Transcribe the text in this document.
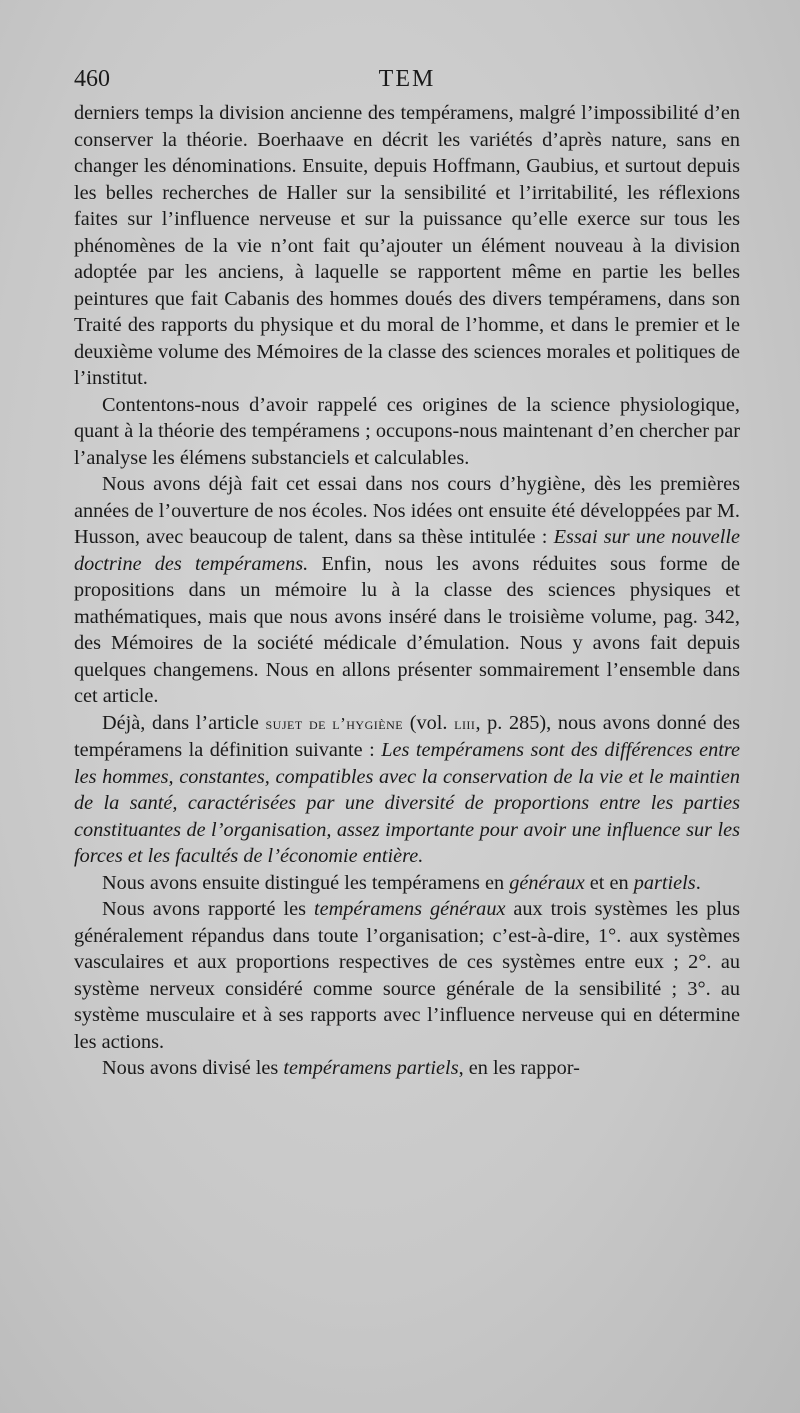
460	TEM

derniers temps la division ancienne des tempéramens, malgré l’impossibilité d’en conserver la théorie. Boerhaave en décrit les variétés d’après nature, sans en changer les dénominations. Ensuite, depuis Hoffmann, Gaubius, et surtout depuis les belles recherches de Haller sur la sensibilité et l’irritabilité, les réflexions faites sur l’influence nerveuse et sur la puissance qu’elle exerce sur tous les phénomènes de la vie n’ont fait qu’ajouter un élément nouveau à la division adoptée par les anciens, à laquelle se rapportent même en partie les belles peintures que fait Cabanis des hommes doués des divers tempéramens, dans son Traité des rapports du physique et du moral de l’homme, et dans le premier et le deuxième volume des Mémoires de la classe des sciences morales et politiques de l’institut.

Contentons-nous d’avoir rappelé ces origines de la science physiologique, quant à la théorie des tempéramens ; occupons-nous maintenant d’en chercher par l’analyse les élémens substanciels et calculables.

Nous avons déjà fait cet essai dans nos cours d’hygiène, dès les premières années de l’ouverture de nos écoles. Nos idées ont ensuite été développées par M. Husson, avec beaucoup de talent, dans sa thèse intitulée : Essai sur une nouvelle doctrine des tempéramens. Enfin, nous les avons réduites sous forme de propositions dans un mémoire lu à la classe des sciences physiques et mathématiques, mais que nous avons inséré dans le troisième volume, pag. 342, des Mémoires de la société médicale d’émulation. Nous y avons fait depuis quelques changemens. Nous en allons présenter sommairement l’ensemble dans cet article.

Déjà, dans l’article sujet de l’hygiène (vol. liii, p. 285), nous avons donné des tempéramens la définition suivante : Les tempéramens sont des différences entre les hommes, constantes, compatibles avec la conservation de la vie et le maintien de la santé, caractérisées par une diversité de proportions entre les parties constituantes de l’organisation, assez importante pour avoir une influence sur les forces et les facultés de l’économie entière.

Nous avons ensuite distingué les tempéramens en généraux et en partiels.

Nous avons rapporté les tempéramens généraux aux trois systèmes les plus généralement répandus dans toute l’organisation; c’est-à-dire, 1°. aux systèmes vasculaires et aux proportions respectives de ces systèmes entre eux ; 2°. au système nerveux considéré comme source générale de la sensibilité ; 3°. au système musculaire et à ses rapports avec l’influence nerveuse qui en détermine les actions.

Nous avons divisé les tempéramens partiels, en les rappor-
